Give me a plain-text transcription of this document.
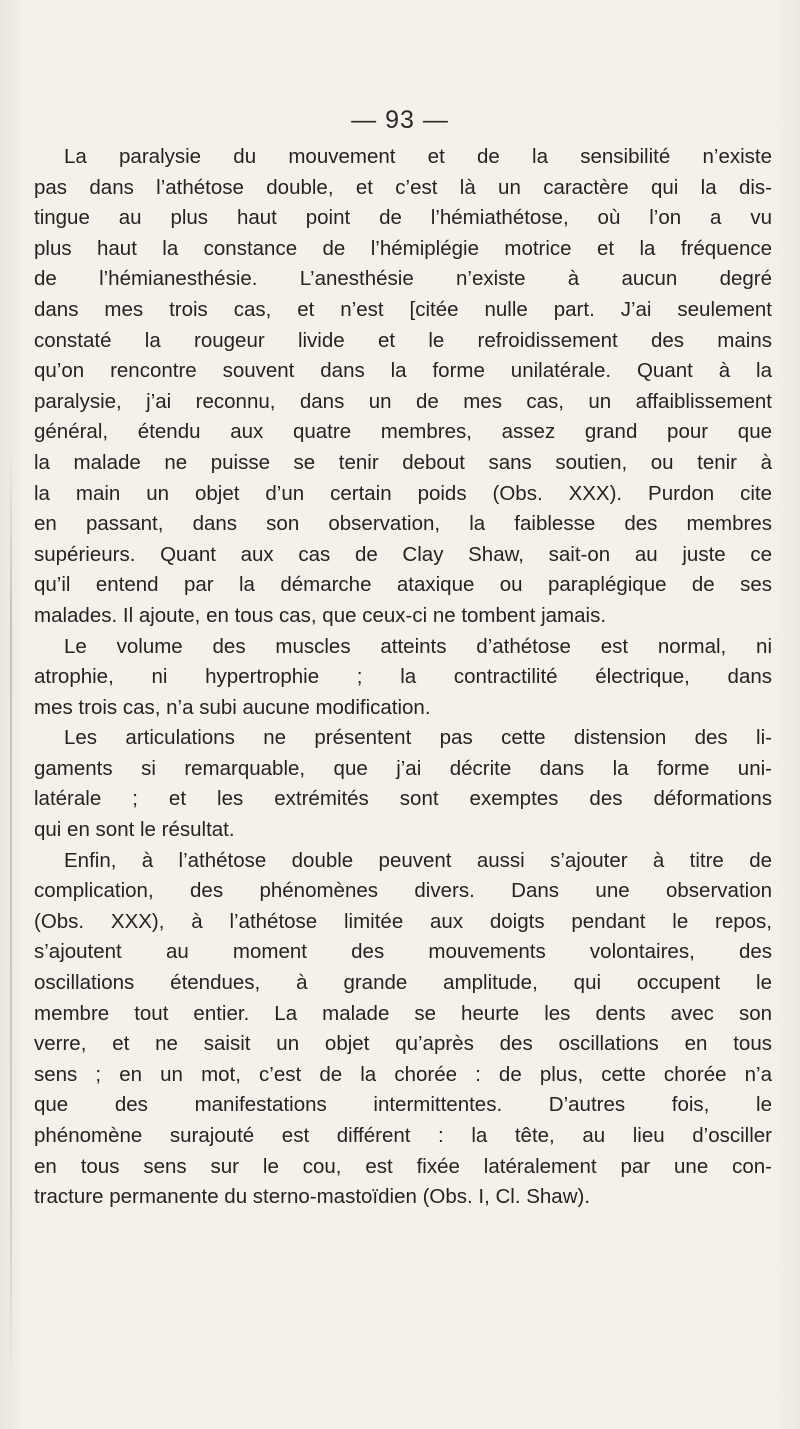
— 93 —
La paralysie du mouvement et de la sensibilité n’existe
pas dans l’athétose double, et c’est là un caractère qui la dis-
tingue au plus haut point de l’hémiathétose, où l’on a vu
plus haut la constance de l’hémiplégie motrice et la fréquence
de l’hémianesthésie. L’anesthésie n’existe à aucun degré
dans mes trois cas, et n’est [citée nulle part. J’ai seulement
constaté la rougeur livide et le refroidissement des mains
qu’on rencontre souvent dans la forme unilatérale. Quant à la
paralysie, j’ai reconnu, dans un de mes cas, un affaiblissement
général, étendu aux quatre membres, assez grand pour que
la malade ne puisse se tenir debout sans soutien, ou tenir à
la main un objet d’un certain poids (Obs. XXX). Purdon cite
en passant, dans son observation, la faiblesse des membres
supérieurs. Quant aux cas de Clay Shaw, sait-on au juste ce
qu’il entend par la démarche ataxique ou paraplégique de ses
malades. Il ajoute, en tous cas, que ceux-ci ne tombent jamais.
Le volume des muscles atteints d’athétose est normal, ni
atrophie, ni hypertrophie ; la contractilité électrique, dans
mes trois cas, n’a subi aucune modification.
Les articulations ne présentent pas cette distension des li-
gaments si remarquable, que j’ai décrite dans la forme uni-
latérale ; et les extrémités sont exemptes des déformations
qui en sont le résultat.
Enfin, à l’athétose double peuvent aussi s’ajouter à titre de
complication, des phénomènes divers. Dans une observation
(Obs. XXX), à l’athétose limitée aux doigts pendant le repos,
s’ajoutent au moment des mouvements volontaires, des
oscillations étendues, à grande amplitude, qui occupent le
membre tout entier. La malade se heurte les dents avec son
verre, et ne saisit un objet qu’après des oscillations en tous
sens ; en un mot, c’est de la chorée : de plus, cette chorée n’a
que des manifestations intermittentes. D’autres fois, le
phénomène surajouté est différent : la tête, au lieu d’osciller
en tous sens sur le cou, est fixée latéralement par une con-
tracture permanente du sterno-mastoïdien (Obs. I, Cl. Shaw).
